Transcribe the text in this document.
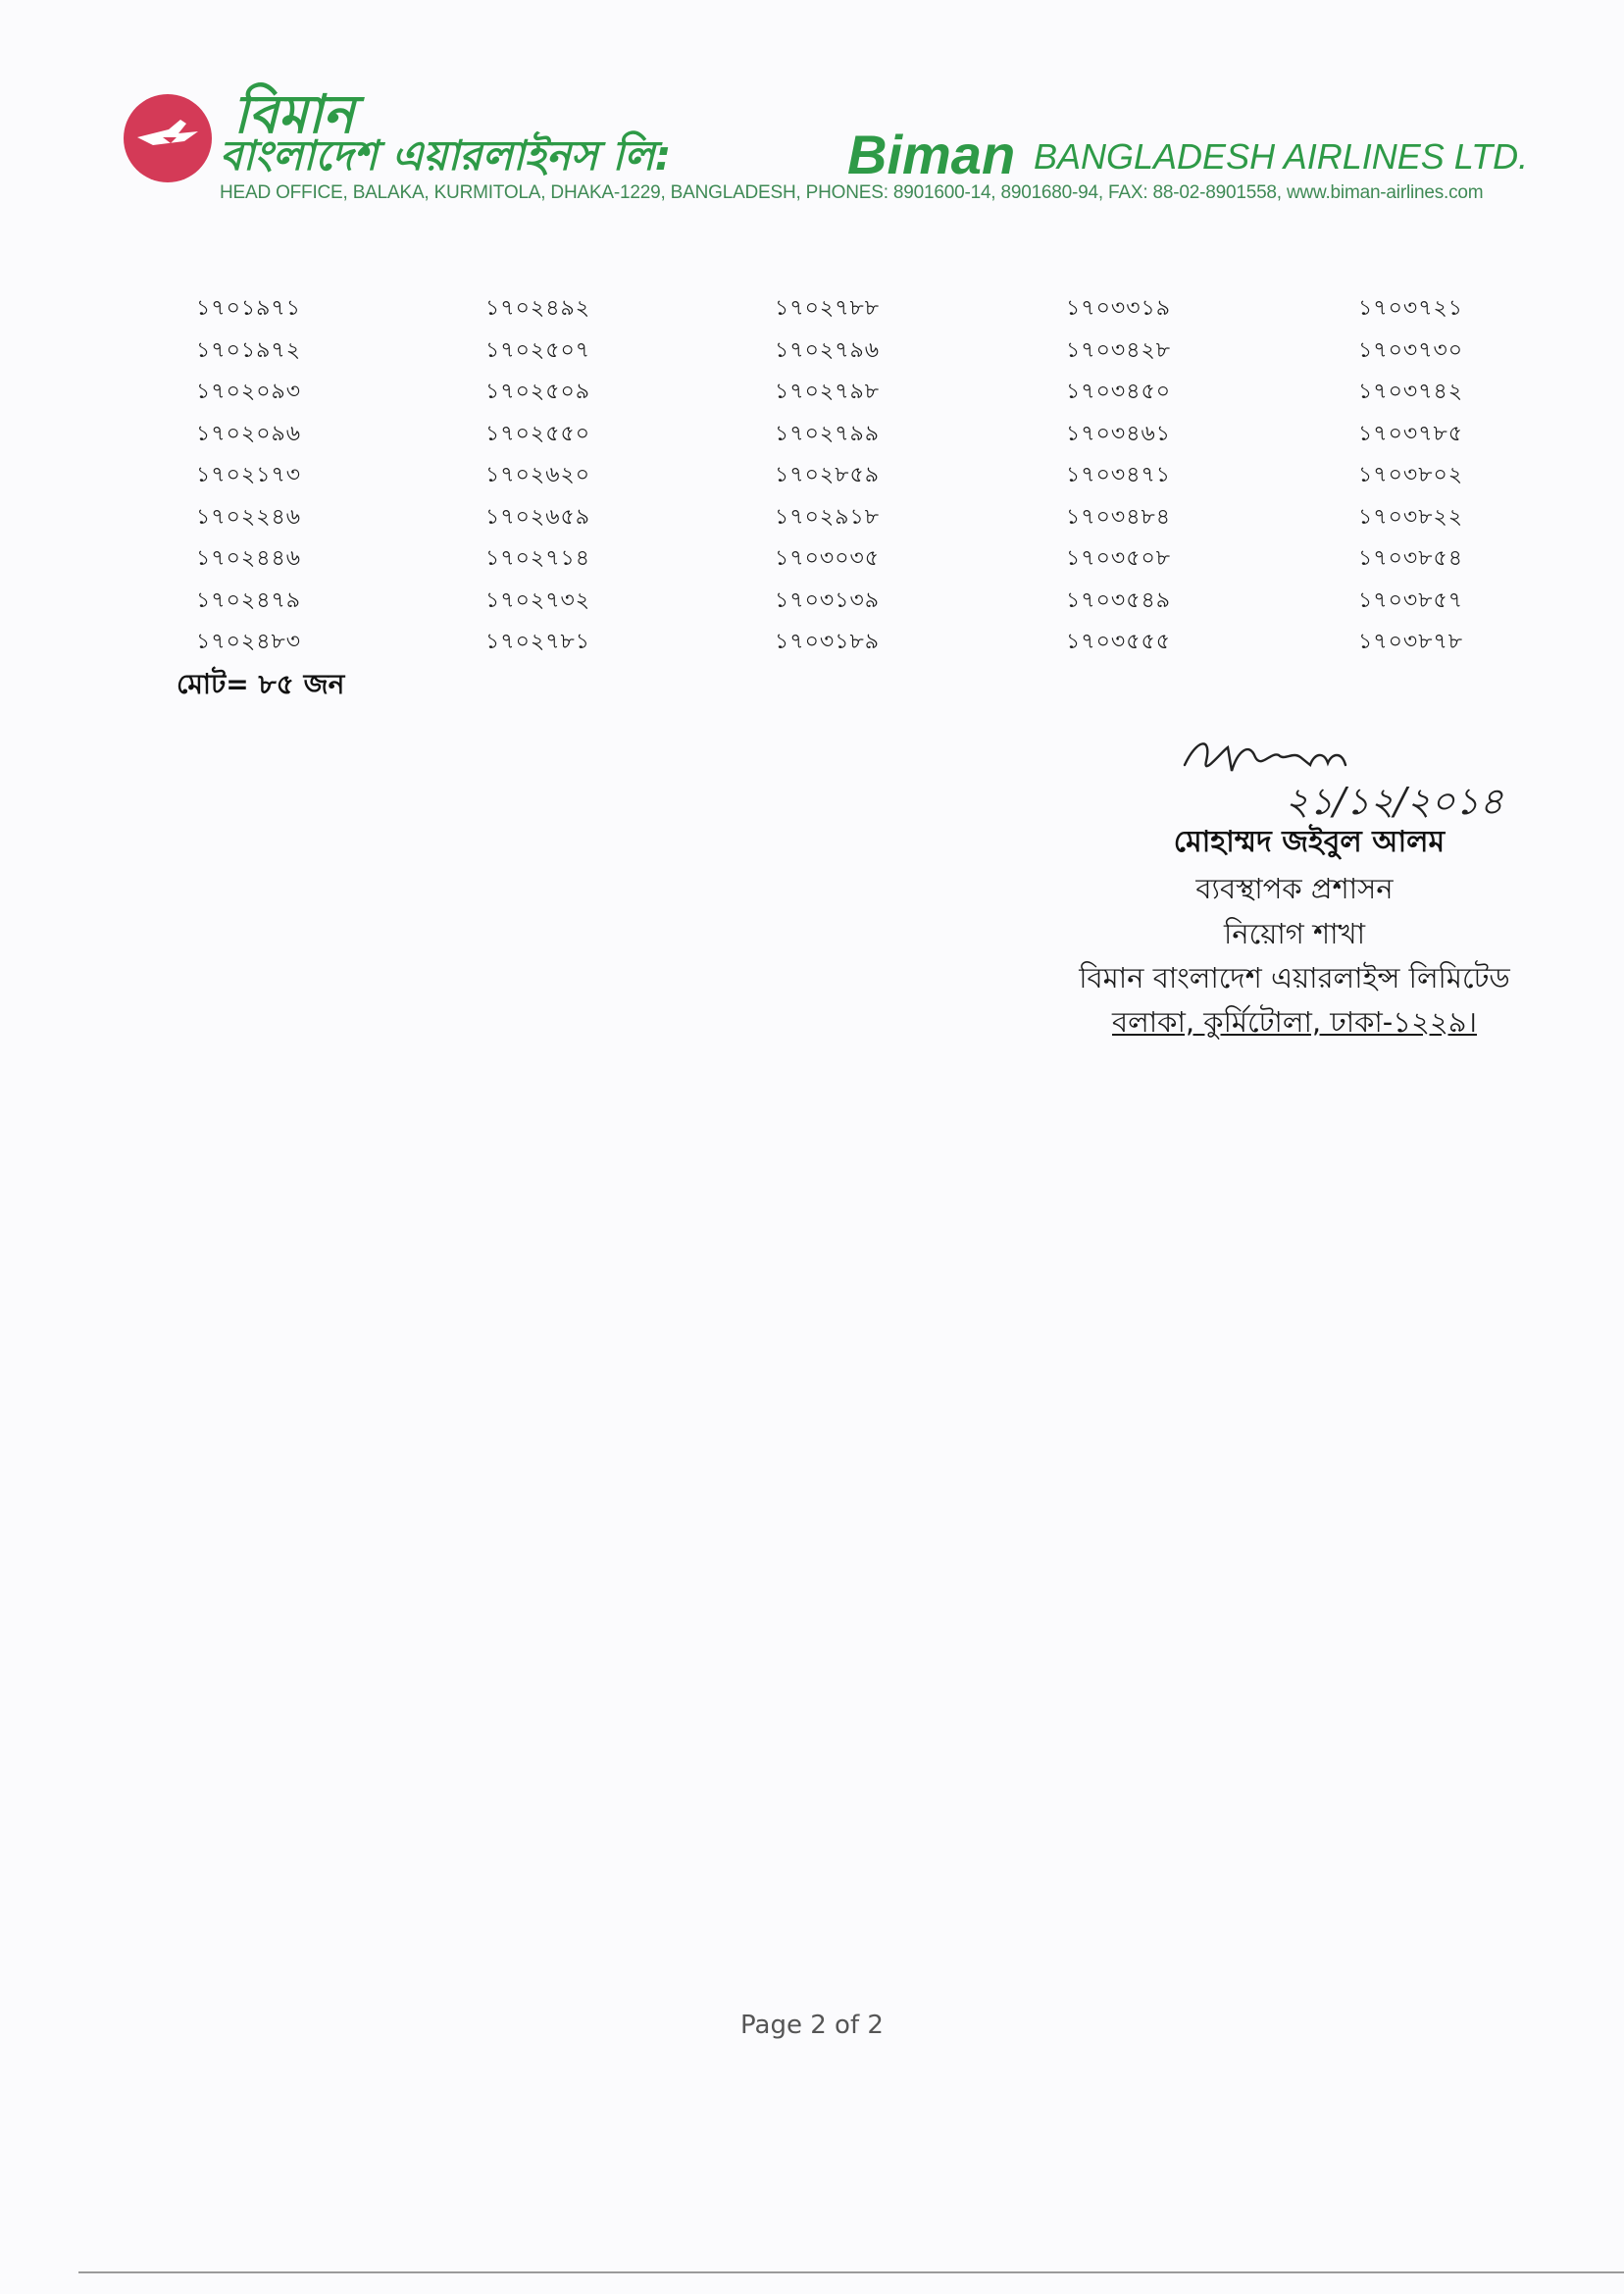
বিমান
বাংলাদেশ এয়ারলাইনস লি:	Biman BANGLADESH AIRLINES LTD.
HEAD OFFICE, BALAKA, KURMITOLA, DHAKA-1229, BANGLADESH, PHONES: 8901600-14, 8901680-94, FAX: 88-02-8901558, www.biman-airlines.com
১৭০১৯৭১
১৭০১৯৭২
১৭০২০৯৩
১৭০২০৯৬
১৭০২১৭৩
১৭০২২৪৬
১৭০২৪৪৬
১৭০২৪৭৯
১৭০২৪৮৩
১৭০২৪৯২
১৭০২৫০৭
১৭০২৫০৯
১৭০২৫৫০
১৭০২৬২০
১৭০২৬৫৯
১৭০২৭১৪
১৭০২৭৩২
১৭০২৭৮১
১৭০২৭৮৮
১৭০২৭৯৬
১৭০২৭৯৮
১৭০২৭৯৯
১৭০২৮৫৯
১৭০২৯১৮
১৭০৩০৩৫
১৭০৩১৩৯
১৭০৩১৮৯
১৭০৩৩১৯
১৭০৩৪২৮
১৭০৩৪৫০
১৭০৩৪৬১
১৭০৩৪৭১
১৭০৩৪৮৪
১৭০৩৫০৮
১৭০৩৫৪৯
১৭০৩৫৫৫
১৭০৩৭২১
১৭০৩৭৩০
১৭০৩৭৪২
১৭০৩৭৮৫
১৭০৩৮০২
১৭০৩৮২২
১৭০৩৮৫৪
১৭০৩৮৫৭
১৭০৩৮৭৮
মোট= ৮৫ জন
২১/১২/২০১৪
মোহাম্মদ জইবুল আলম
ব্যবস্থাপক প্রশাসন
নিয়োগ শাখা
বিমান বাংলাদেশ এয়ারলাইন্স লিমিটেড
বলাকা, কুর্মিটোলা, ঢাকা-১২২৯।
Page 2 of 2
